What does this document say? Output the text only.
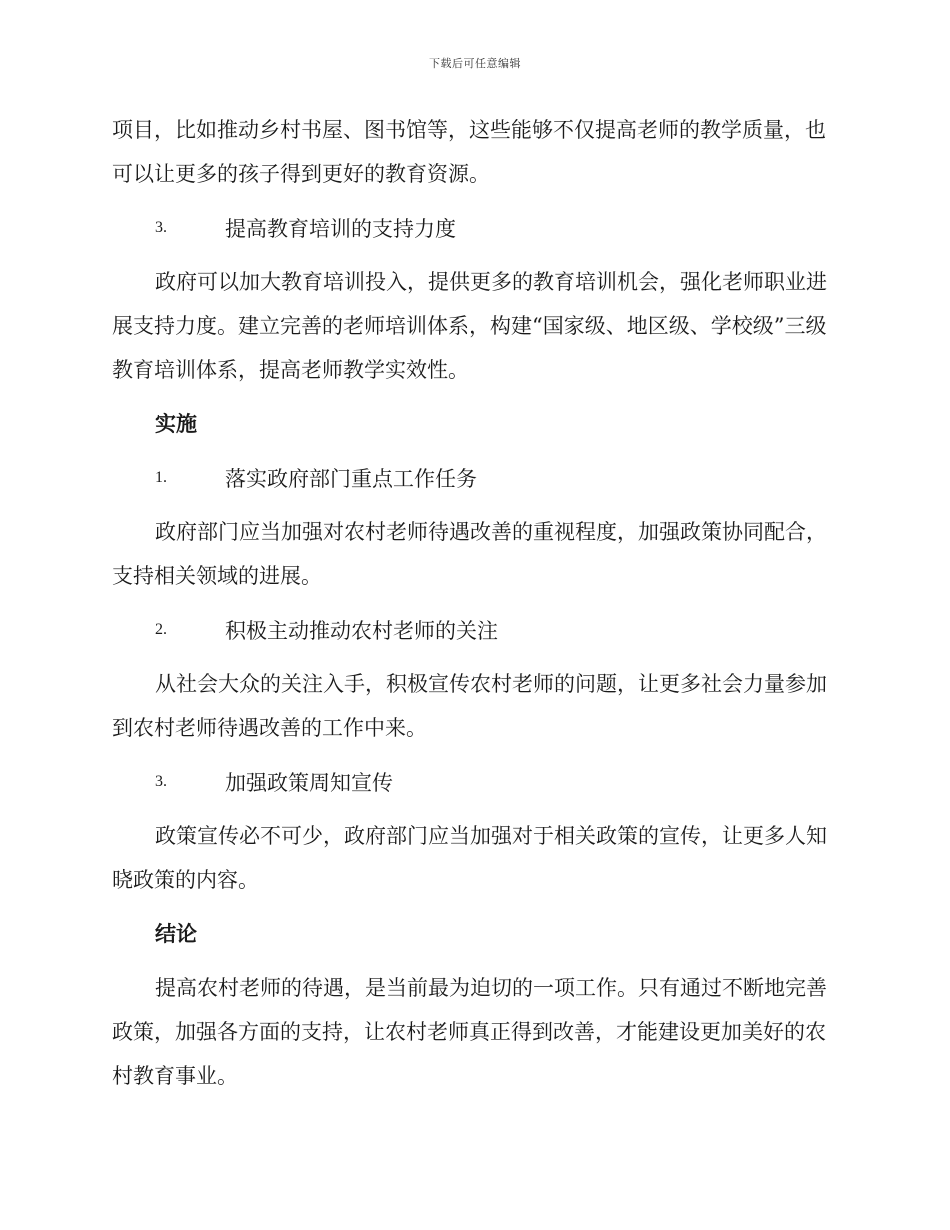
下载后可任意编辑

项目，比如推动乡村书屋、图书馆等，这些能够不仅提高老师的教学质量，也可以让更多的孩子得到更好的教育资源。

3.	提高教育培训的支持力度

政府可以加大教育培训投入，提供更多的教育培训机会，强化老师职业进展支持力度。建立完善的老师培训体系，构建“国家级、地区级、学校级”三级教育培训体系，提高老师教学实效性。

实施
1.	落实政府部门重点工作任务

政府部门应当加强对农村老师待遇改善的重视程度，加强政策协同配合，支持相关领域的进展。

2.	积极主动推动农村老师的关注

从社会大众的关注入手，积极宣传农村老师的问题，让更多社会力量参加到农村老师待遇改善的工作中来。

3.	加强政策周知宣传

政策宣传必不可少，政府部门应当加强对于相关政策的宣传，让更多人知晓政策的内容。

结论

提高农村老师的待遇，是当前最为迫切的一项工作。只有通过不断地完善政策，加强各方面的支持，让农村老师真正得到改善，才能建设更加美好的农村教育事业。
